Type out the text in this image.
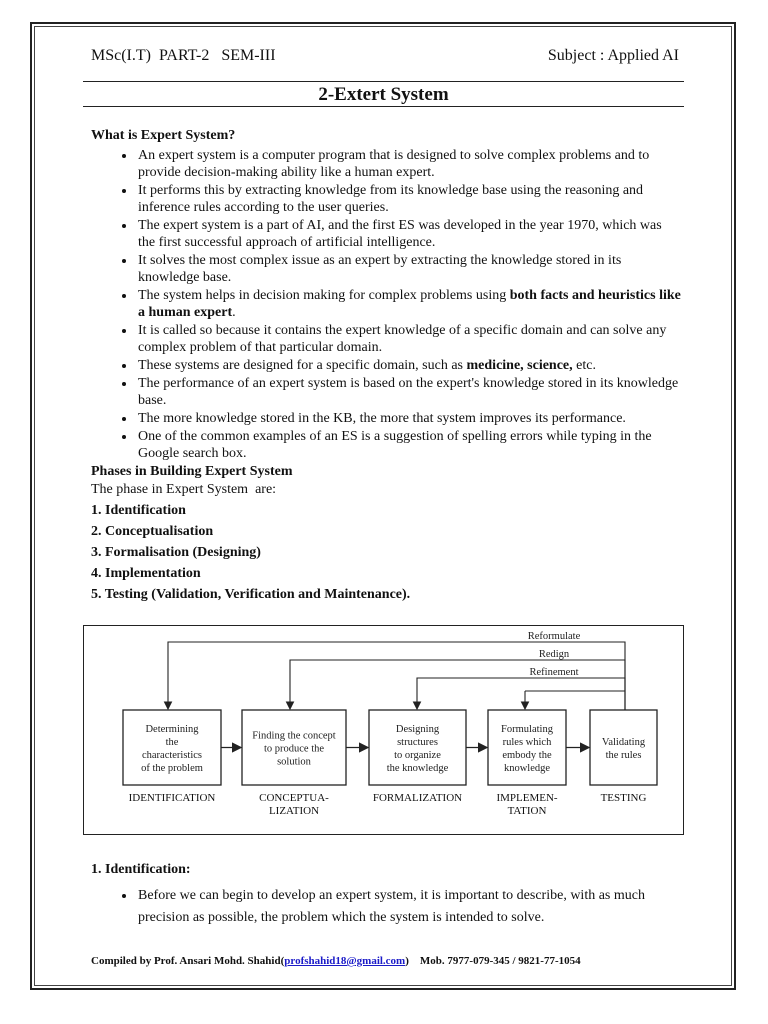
MSc(I.T)  PART-2   SEM-III	Subject : Applied AI
2-Extert System

What is Expert System?

• An expert system is a computer program that is designed to solve complex problems and to provide decision-making ability like a human expert.
• It performs this by extracting knowledge from its knowledge base using the reasoning and inference rules according to the user queries.
• The expert system is a part of AI, and the first ES was developed in the year 1970, which was the first successful approach of artificial intelligence.
• It solves the most complex issue as an expert by extracting the knowledge stored in its knowledge base.
• The system helps in decision making for complex problems using both facts and heuristics like a human expert.
• It is called so because it contains the expert knowledge of a specific domain and can solve any complex problem of that particular domain.
• These systems are designed for a specific domain, such as medicine, science, etc.
• The performance of an expert system is based on the expert's knowledge stored in its knowledge base.
• The more knowledge stored in the KB, the more that system improves its performance.
• One of the common examples of an ES is a suggestion of spelling errors while typing in the Google search box.

Phases in Building Expert System

The phase in Expert System  are:

1. Identification

2. Conceptualisation

3. Formalisation (Designing)

4. Implementation

5. Testing (Validation, Verification and Maintenance).

Determining
the
characteristics
of the problem
IDENTIFICATION
Finding the concept
to produce the
solution
CONCEPTUA-
LIZATION
Designing
structures
to organize
the knowledge
FORMALIZATION
Formulating
rules which
embody the
knowledge
IMPLEMEN-
TATION
Validating
the rules
TESTING
Reformulate
Redign
Refinement
1. Identification:
• Before we can begin to develop an expert system, it is important to describe, with as much precision as possible, the problem which the system is intended to solve.
Compiled by Prof. Ansari Mohd. Shahid(profshahid18@gmail.com) Mob. 7977-079-345 / 9821-77-1054
